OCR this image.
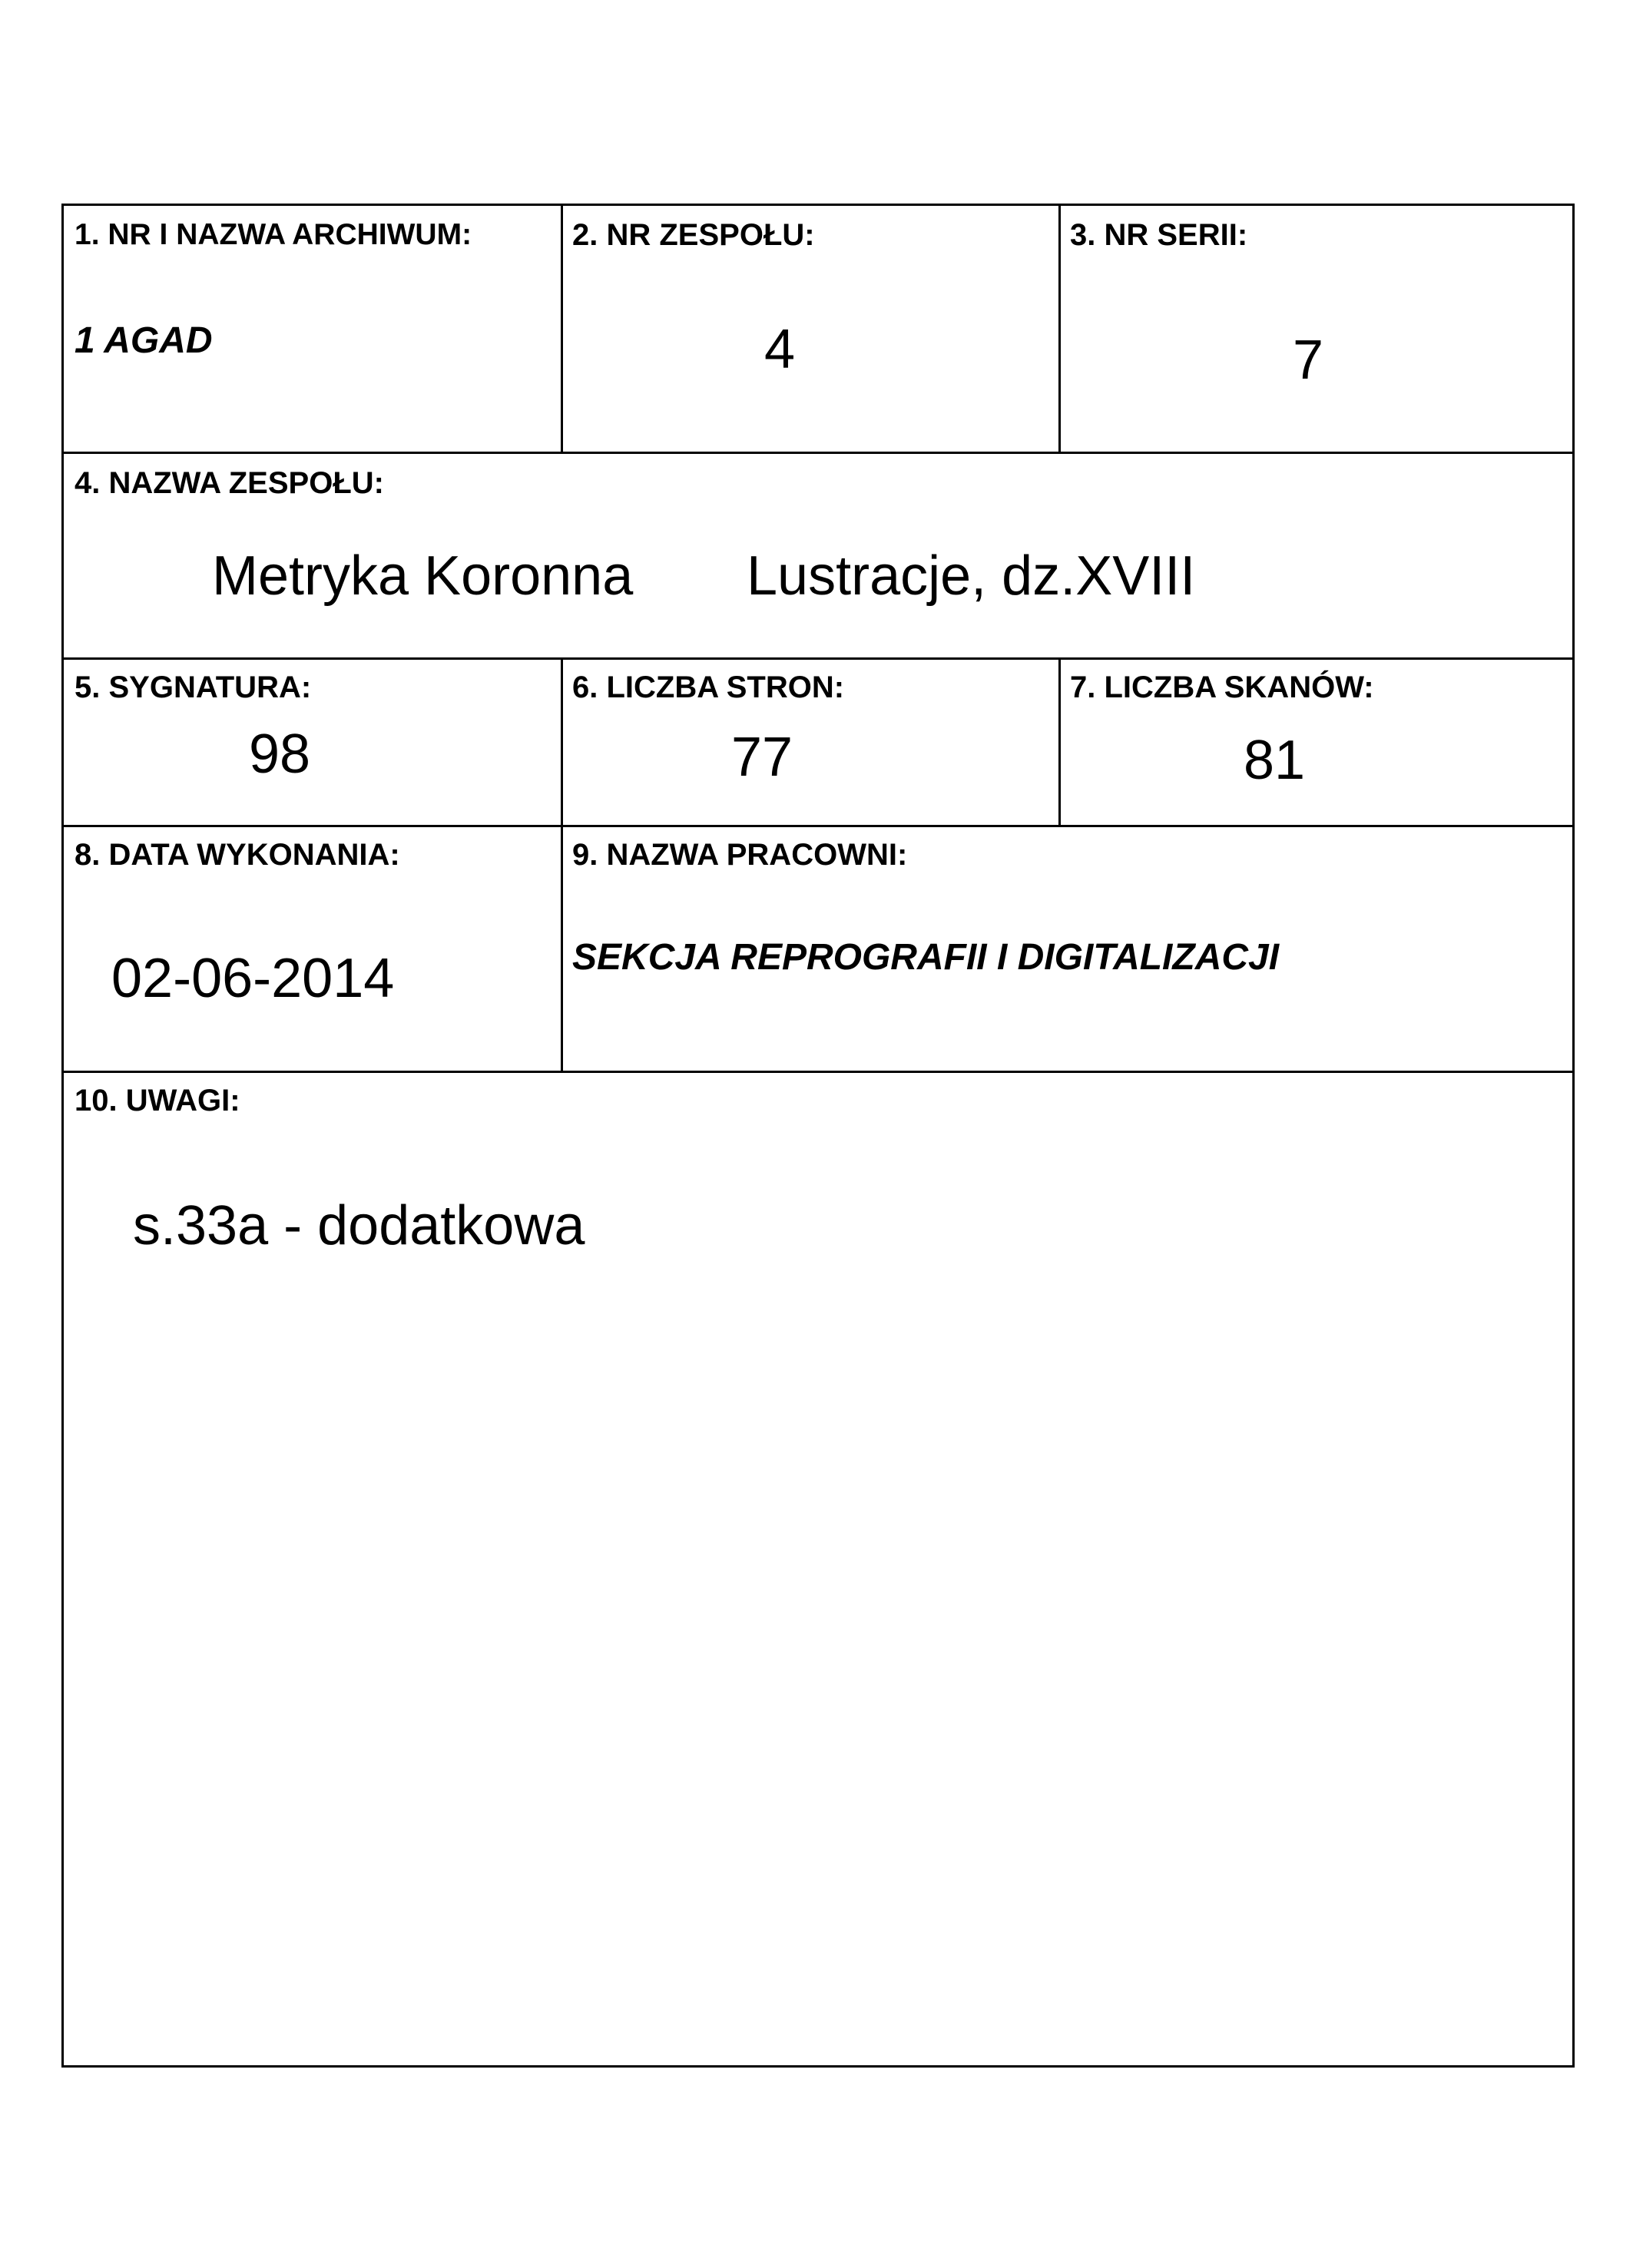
1. NR I NAZWA ARCHIWUM:
1 AGAD
2. NR ZESPOŁU:
4
3. NR SERII:
7
4. NAZWA ZESPOŁU:
Metryka Koronna Lustracje, dz.XVIII
5. SYGNATURA:
98
6. LICZBA STRON:
77
7. LICZBA SKANÓW:
81
8. DATA WYKONANIA:
02-06-2014
9. NAZWA PRACOWNI:
SEKCJA REPROGRAFII I DIGITALIZACJI
10. UWAGI:
s.33a - dodatkowa
